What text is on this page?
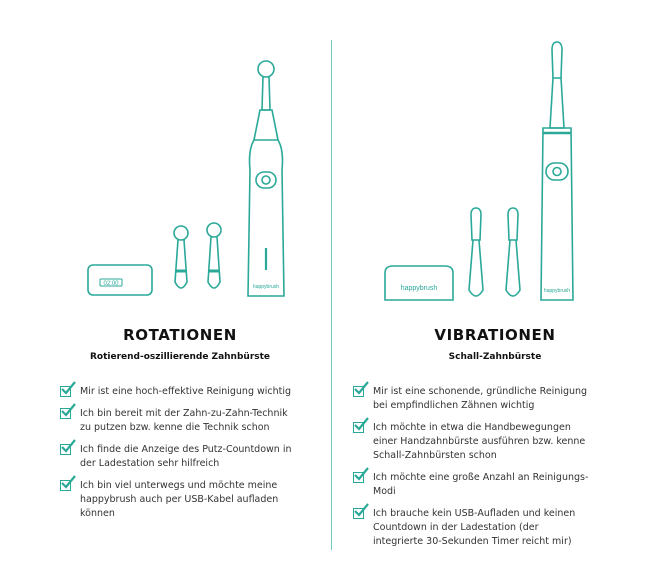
happybrush
02:00
ROTATIONEN
Rotierend-oszillierende Zahnbürste
Mir ist eine hoch-effektive Reinigung wichtig
Ich bin bereit mit der Zahn-zu-Zahn-Technik
zu putzen bzw. kenne die Technik schon
Ich finde die Anzeige des Putz-Countdown in
der Ladestation sehr hilfreich
Ich bin viel unterwegs und möchte meine
happybrush auch per USB-Kabel aufladen
können
happybrush	happybrush
VIBRATIONEN
Schall-Zahnbürste
Mir ist eine schonende, gründliche Reinigung
bei empfindlichen Zähnen wichtig
Ich möchte in etwa die Handbewegungen
einer Handzahnbürste ausführen bzw. kenne
Schall-Zahnbürsten schon
Ich möchte eine große Anzahl an Reinigungs-
Modi
Ich brauche kein USB-Aufladen und keinen
Countdown in der Ladestation (der
integrierte 30-Sekunden Timer reicht mir)
